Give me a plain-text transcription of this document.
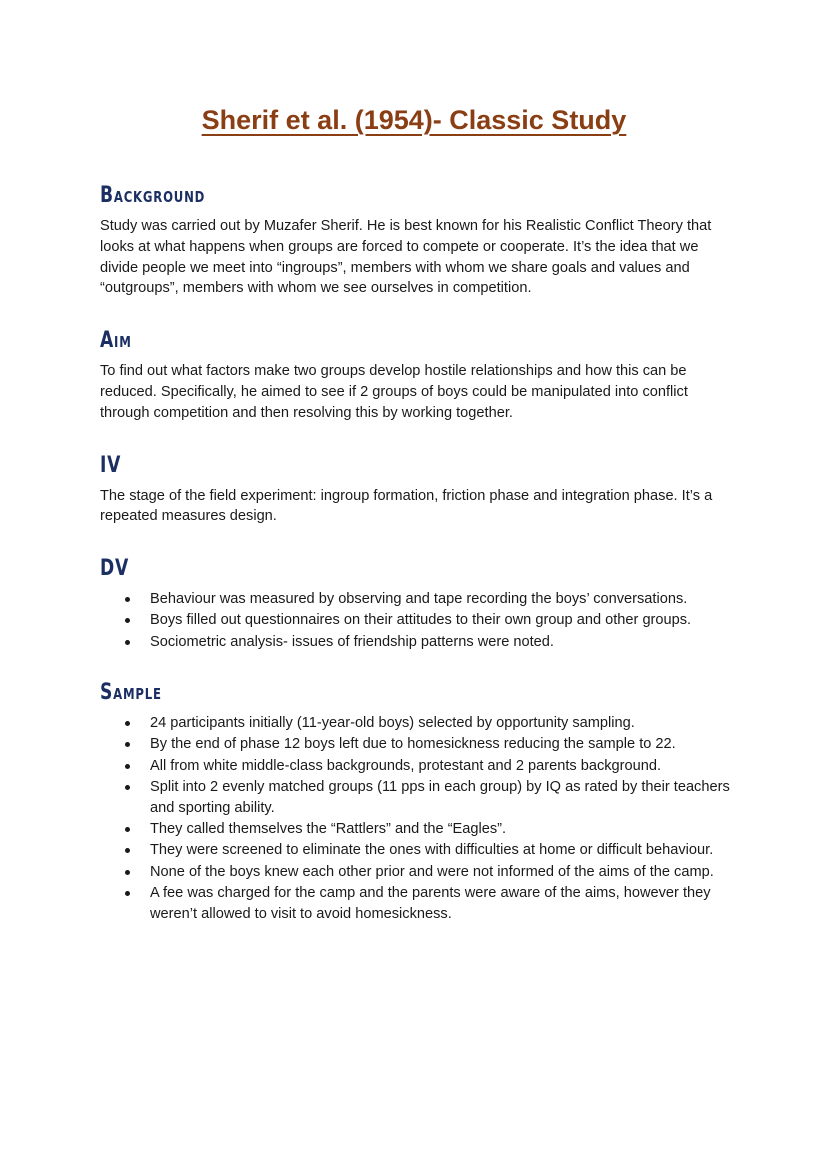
Sherif et al. (1954)- Classic Study
Background

Study was carried out by Muzafer Sherif. He is best known for his Realistic Conflict Theory that looks at what happens when groups are forced to compete or cooperate. It’s the idea that we divide people we meet into “ingroups”, members with whom we share goals and values and “outgroups”, members with whom we see ourselves in competition.

Aim

To find out what factors make two groups develop hostile relationships and how this can be reduced. Specifically, he aimed to see if 2 groups of boys could be manipulated into conflict through competition and then resolving this by working together.

IV

The stage of the field experiment: ingroup formation, friction phase and integration phase. It’s a repeated measures design.

DV
Behaviour was measured by observing and tape recording the boys’ conversations.
Boys filled out questionnaires on their attitudes to their own group and other groups.
Sociometric analysis- issues of friendship patterns were noted.
Sample
24 participants initially (11-year-old boys) selected by opportunity sampling.
By the end of phase 12 boys left due to homesickness reducing the sample to 22.
All from white middle-class backgrounds, protestant and 2 parents background.
Split into 2 evenly matched groups (11 pps in each group) by IQ as rated by their teachers and sporting ability.
They called themselves the “Rattlers” and the “Eagles”.
They were screened to eliminate the ones with difficulties at home or difficult behaviour.
None of the boys knew each other prior and were not informed of the aims of the camp.
A fee was charged for the camp and the parents were aware of the aims, however they weren’t allowed to visit to avoid homesickness.
